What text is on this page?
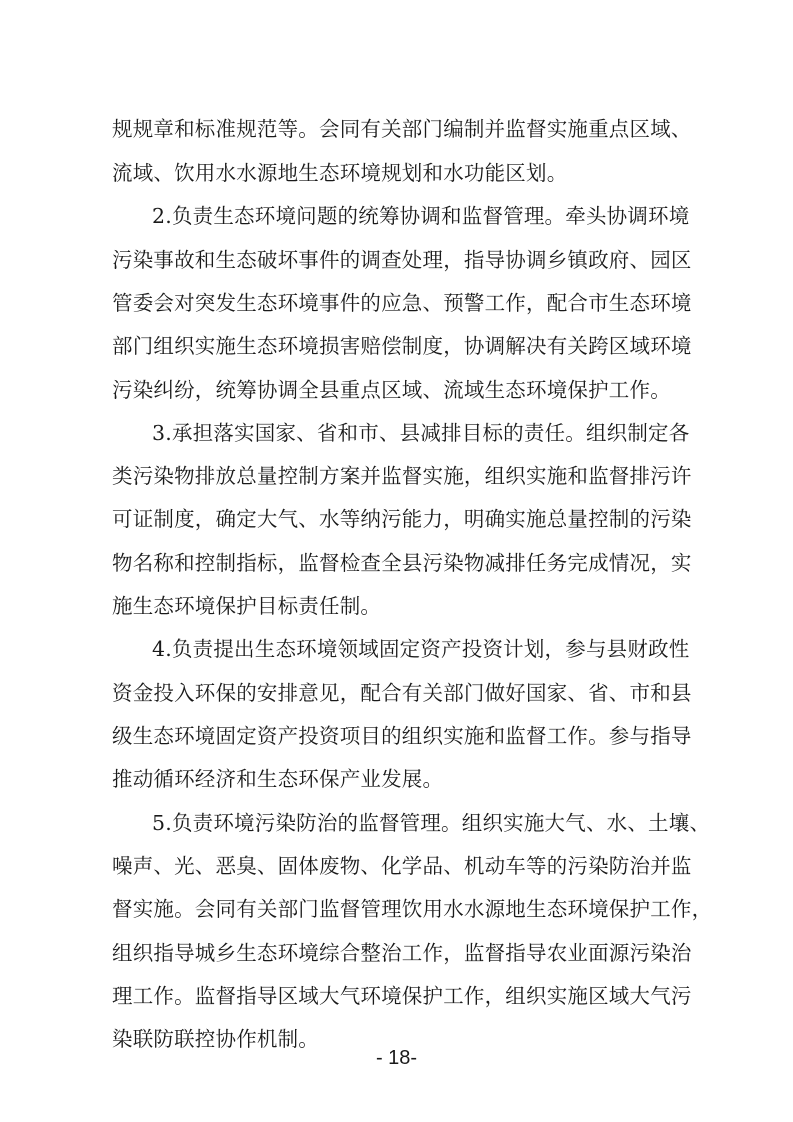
规规章和标准规范等。会同有关部门编制并监督实施重点区域、
流域、饮用水水源地生态环境规划和水功能区划。
2.负责生态环境问题的统筹协调和监督管理。牵头协调环境
污染事故和生态破坏事件的调查处理，指导协调乡镇政府、园区
管委会对突发生态环境事件的应急、预警工作，配合市生态环境
部门组织实施生态环境损害赔偿制度，协调解决有关跨区域环境
污染纠纷，统筹协调全县重点区域、流域生态环境保护工作。
3.承担落实国家、省和市、县减排目标的责任。组织制定各
类污染物排放总量控制方案并监督实施，组织实施和监督排污许
可证制度，确定大气、水等纳污能力，明确实施总量控制的污染
物名称和控制指标，监督检查全县污染物减排任务完成情况，实
施生态环境保护目标责任制。
4.负责提出生态环境领域固定资产投资计划，参与县财政性
资金投入环保的安排意见，配合有关部门做好国家、省、市和县
级生态环境固定资产投资项目的组织实施和监督工作。参与指导
推动循环经济和生态环保产业发展。
5.负责环境污染防治的监督管理。组织实施大气、水、土壤、
噪声、光、恶臭、固体废物、化学品、机动车等的污染防治并监
督实施。会同有关部门监督管理饮用水水源地生态环境保护工作，
组织指导城乡生态环境综合整治工作，监督指导农业面源污染治
理工作。监督指导区域大气环境保护工作，组织实施区域大气污
染联防联控协作机制。
- 18-
